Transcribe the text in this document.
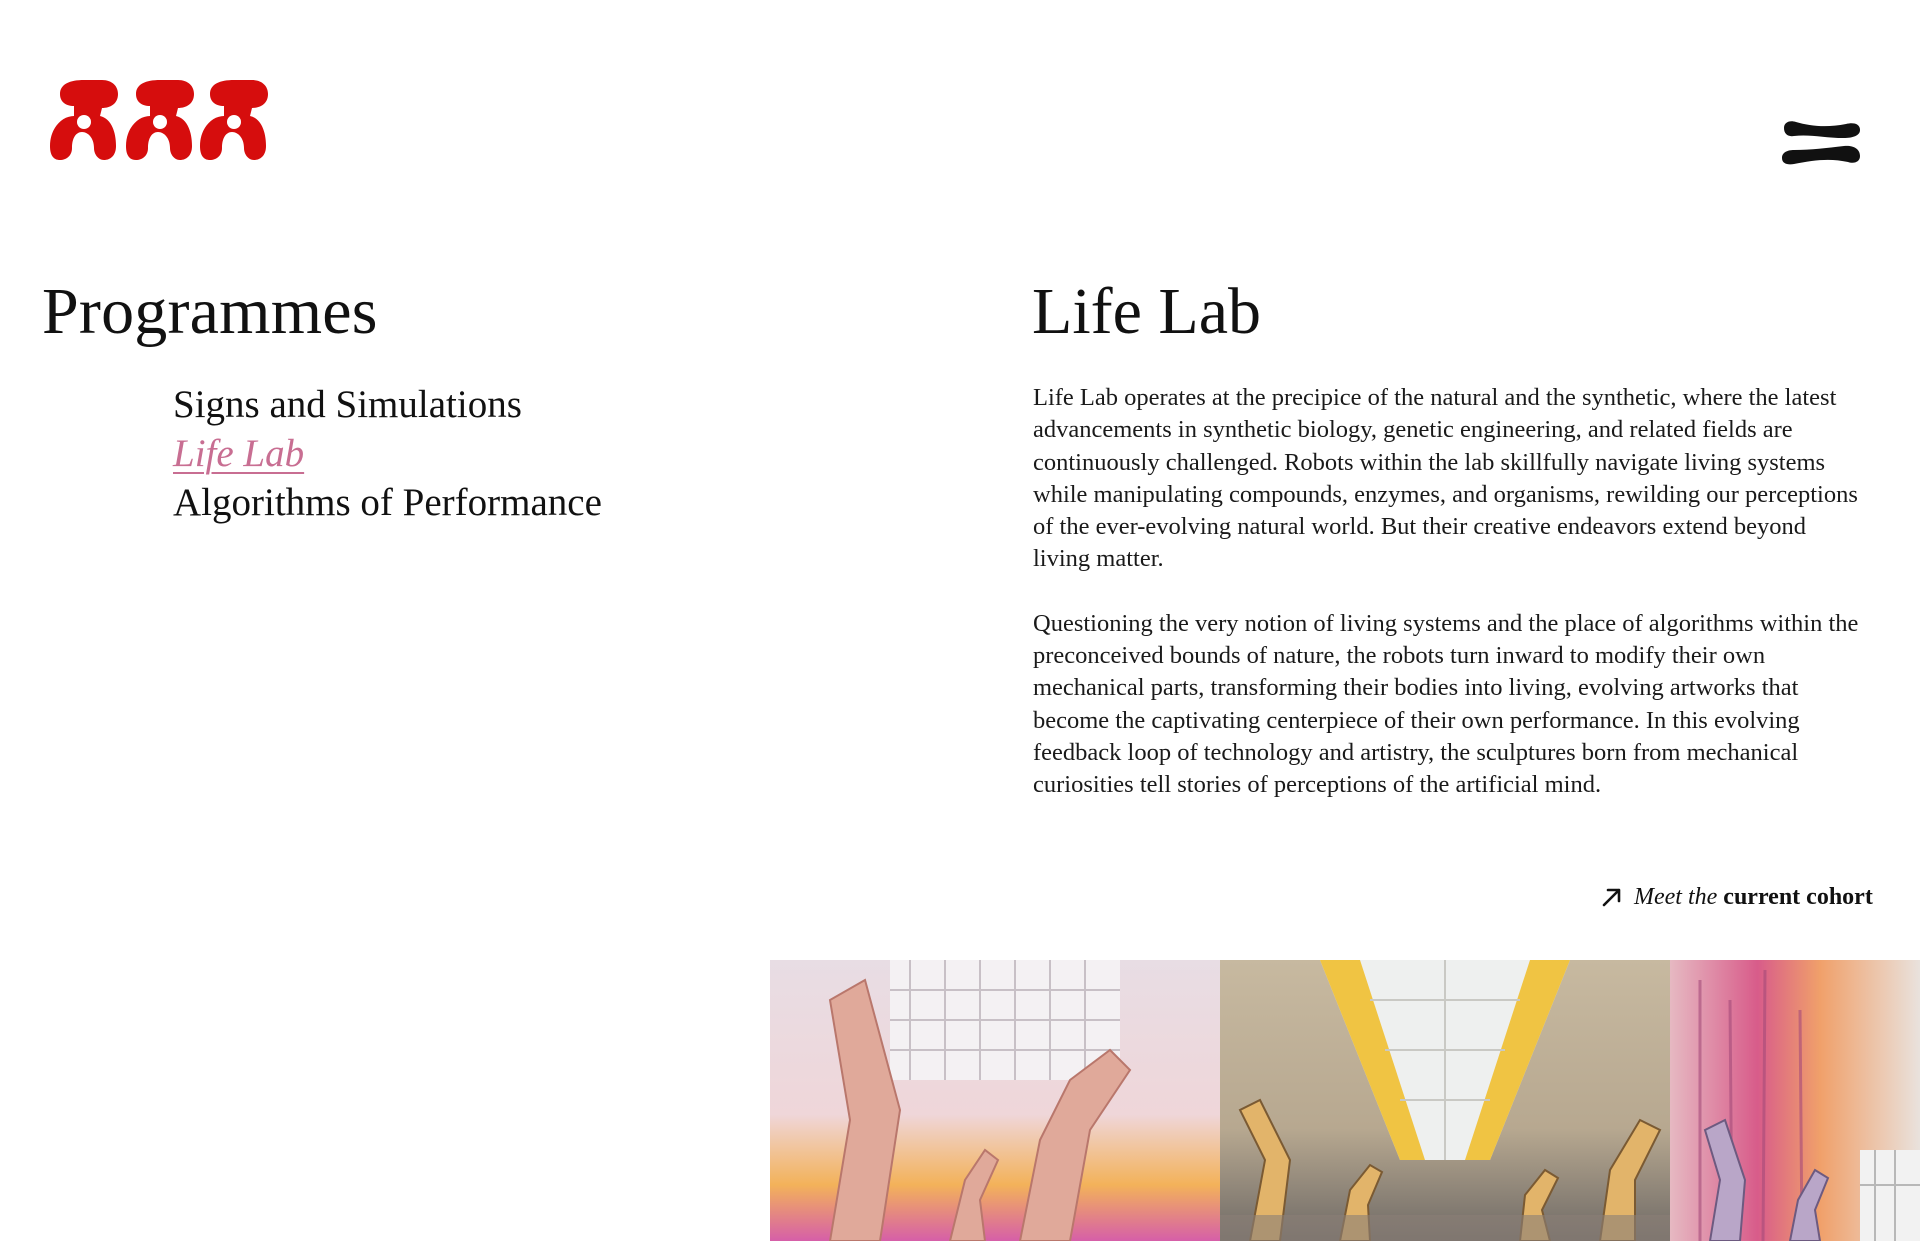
Programmes
Signs and Simulations
Life Lab
Algorithms of Performance
Life Lab

Life Lab operates at the precipice of the natural and the synthetic, where the latest advancements in synthetic biology, genetic engineering, and related fields are continuously challenged. Robots within the lab skillfully navigate living systems while manipulating compounds, enzymes, and organisms, rewilding our perceptions of the ever-evolving natural world. But their creative endeavors extend beyond living matter.

Questioning the very notion of living systems and the place of algorithms within the preconceived bounds of nature, the robots turn inward to modify their own mechanical parts, transforming their bodies into living, evolving artworks that become the captivating centerpiece of their own performance. In this evolving feedback loop of technology and artistry, the sculptures born from mechanical curiosities tell stories of perceptions of the artificial mind.

Meet the current cohort
